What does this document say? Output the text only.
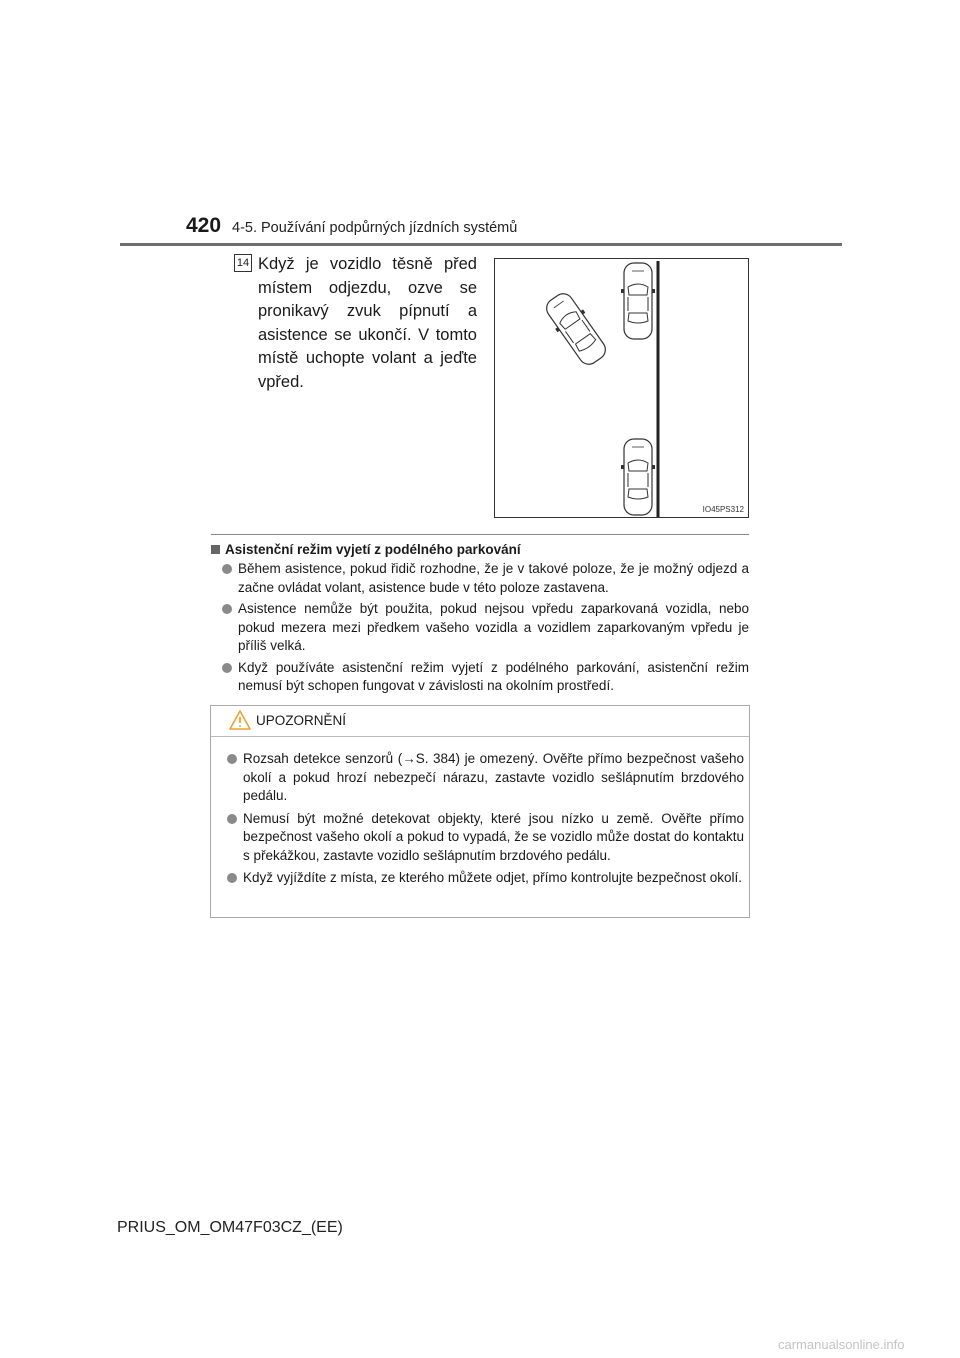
420 4-5. Používání podpůrných jízdních systémů
14 Když je vozidlo těsně před místem odjezdu, ozve se pronikavý zvuk pípnutí a asistence se ukončí. V tomto místě uchopte volant a jeďte vpřed.
IO45PS312
Asistenční režim vyjetí z podélného parkování
Během asistence, pokud řidič rozhodne, že je v takové poloze, že je možný odjezd a začne ovládat volant, asistence bude v této poloze zastavena.
Asistence nemůže být použita, pokud nejsou vpředu zaparkovaná vozidla, nebo pokud mezera mezi předkem vašeho vozidla a vozidlem zaparkovaným vpředu je příliš velká.
Když používáte asistenční režim vyjetí z podélného parkování, asistenční režim nemusí být schopen fungovat v závislosti na okolním prostředí.
UPOZORNĚNÍ
Rozsah detekce senzorů (→S. 384) je omezený. Ověřte přímo bezpečnost vašeho okolí a pokud hrozí nebezpečí nárazu, zastavte vozidlo sešlápnutím brzdového pedálu.
Nemusí být možné detekovat objekty, které jsou nízko u země. Ověřte přímo bezpečnost vašeho okolí a pokud to vypadá, že se vozidlo může dostat do kontaktu s překážkou, zastavte vozidlo sešlápnutím brzdového pedálu.
Když vyjíždíte z místa, ze kterého můžete odjet, přímo kontrolujte bezpečnost okolí.
PRIUS_OM_OM47F03CZ_(EE)
carmanualsonline.info
